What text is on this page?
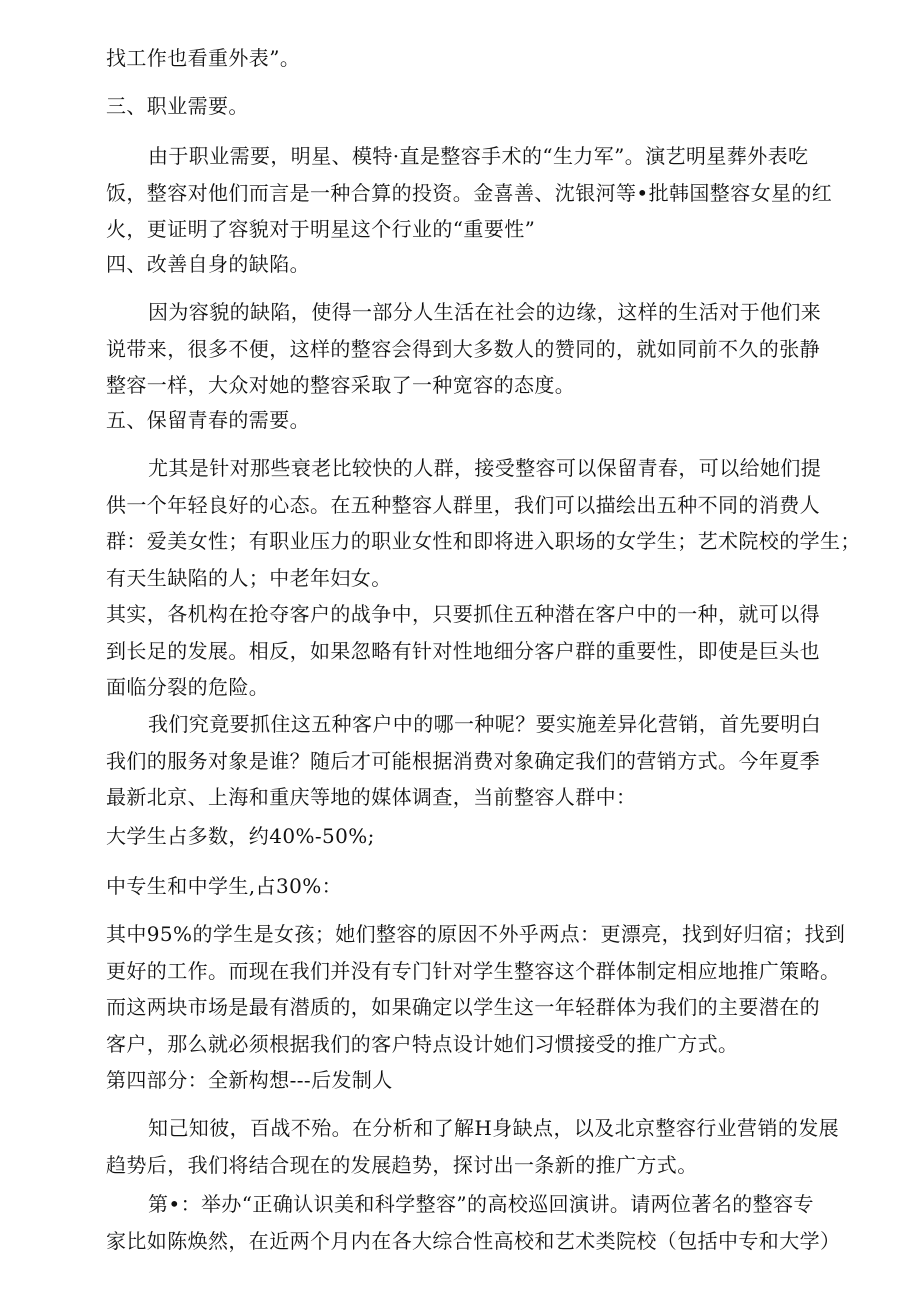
找工作也看重外表”。

三、职业需要。

由于职业需要，明星、模特·直是整容手术的“生力军”。演艺明星葬外表吃
饭，整容对他们而言是一种合算的投资。金喜善、沈银河等•批韩国整容女星的红
火，更证明了容貌对于明星这个行业的“重要性”

四、改善自身的缺陷。

因为容貌的缺陷，使得一部分人生活在社会的边缘，这样的生活对于他们来
说带来，很多不便，这样的整容会得到大多数人的赞同的，就如同前不久的张静
整容一样，大众对她的整容采取了一种宽容的态度。

五、保留青春的需要。

尤其是针对那些衰老比较快的人群，接受整容可以保留青春，可以给她们提
供一个年轻良好的心态。在五种整容人群里，我们可以描绘出五种不同的消费人
群：爱美女性；有职业压力的职业女性和即将进入职场的女学生；艺术院校的学生；
有天生缺陷的人；中老年妇女。

其实，各机构在抢夺客户的战争中，只要抓住五种潜在客户中的一种，就可以得
到长足的发展。相反，如果忽略有针对性地细分客户群的重要性，即使是巨头也
面临分裂的危险。

我们究竟要抓住这五种客户中的哪一种呢？要实施差异化营销，首先要明白
我们的服务对象是谁？随后才可能根据消费对象确定我们的营销方式。今年夏季
最新北京、上海和重庆等地的媒体调查，当前整容人群中：

大学生占多数，约40%-50%;

中专生和中学生,占30%：

其中95%的学生是女孩；她们整容的原因不外乎两点：更漂亮，找到好归宿；找到
更好的工作。而现在我们并没有专门针对学生整容这个群体制定相应地推广策略。
而这两块市场是最有潜质的，如果确定以学生这一年轻群体为我们的主要潜在的
客户，那么就必须根据我们的客户特点设计她们习惯接受的推广方式。

第四部分：全新构想---后发制人

知己知彼，百战不殆。在分析和了解H身缺点，以及北京整容行业营销的发展
趋势后，我们将结合现在的发展趋势，探讨出一条新的推广方式。

第•：举办“正确认识美和科学整容”的高校巡回演讲。请两位著名的整容专
家比如陈焕然，在近两个月内在各大综合性高校和艺术类院校（包括中专和大学）
